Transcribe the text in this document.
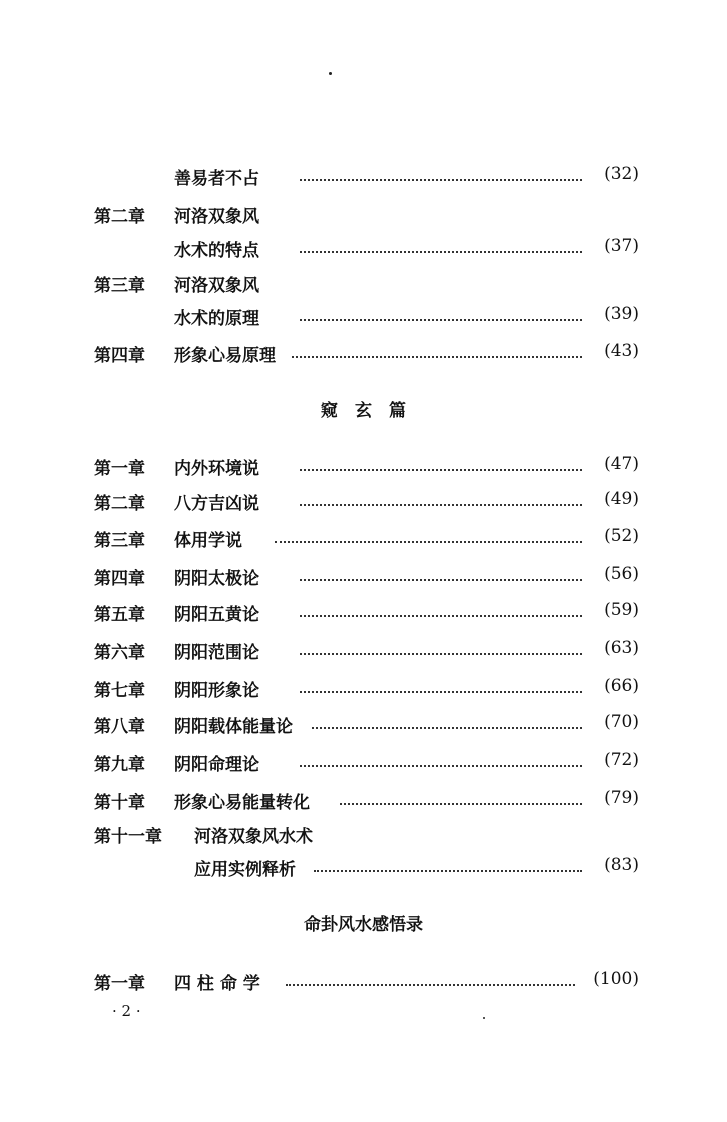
善易者不占	(32)
第二章 河洛双象风
水术的特点	(37)
第三章 河洛双象风
水术的原理	(39)
第四章 形象心易原理	(43)
窥　玄　篇
第一章 内外环境说	(47)
第二章 八方吉凶说	(49)
第三章 体用学说	(52)
第四章 阴阳太极论	(56)
第五章 阴阳五黄论	(59)
第六章 阴阳范围论	(63)
第七章 阴阳形象论	(66)
第八章 阴阳载体能量论	(70)
第九章 阴阳命理论	(72)
第十章 形象心易能量转化	(79)
第十一章 河洛双象风水术
应用实例释析	(83)
命卦风水感悟录
第一章 四 柱 命 学	(100)
· 2 ·
